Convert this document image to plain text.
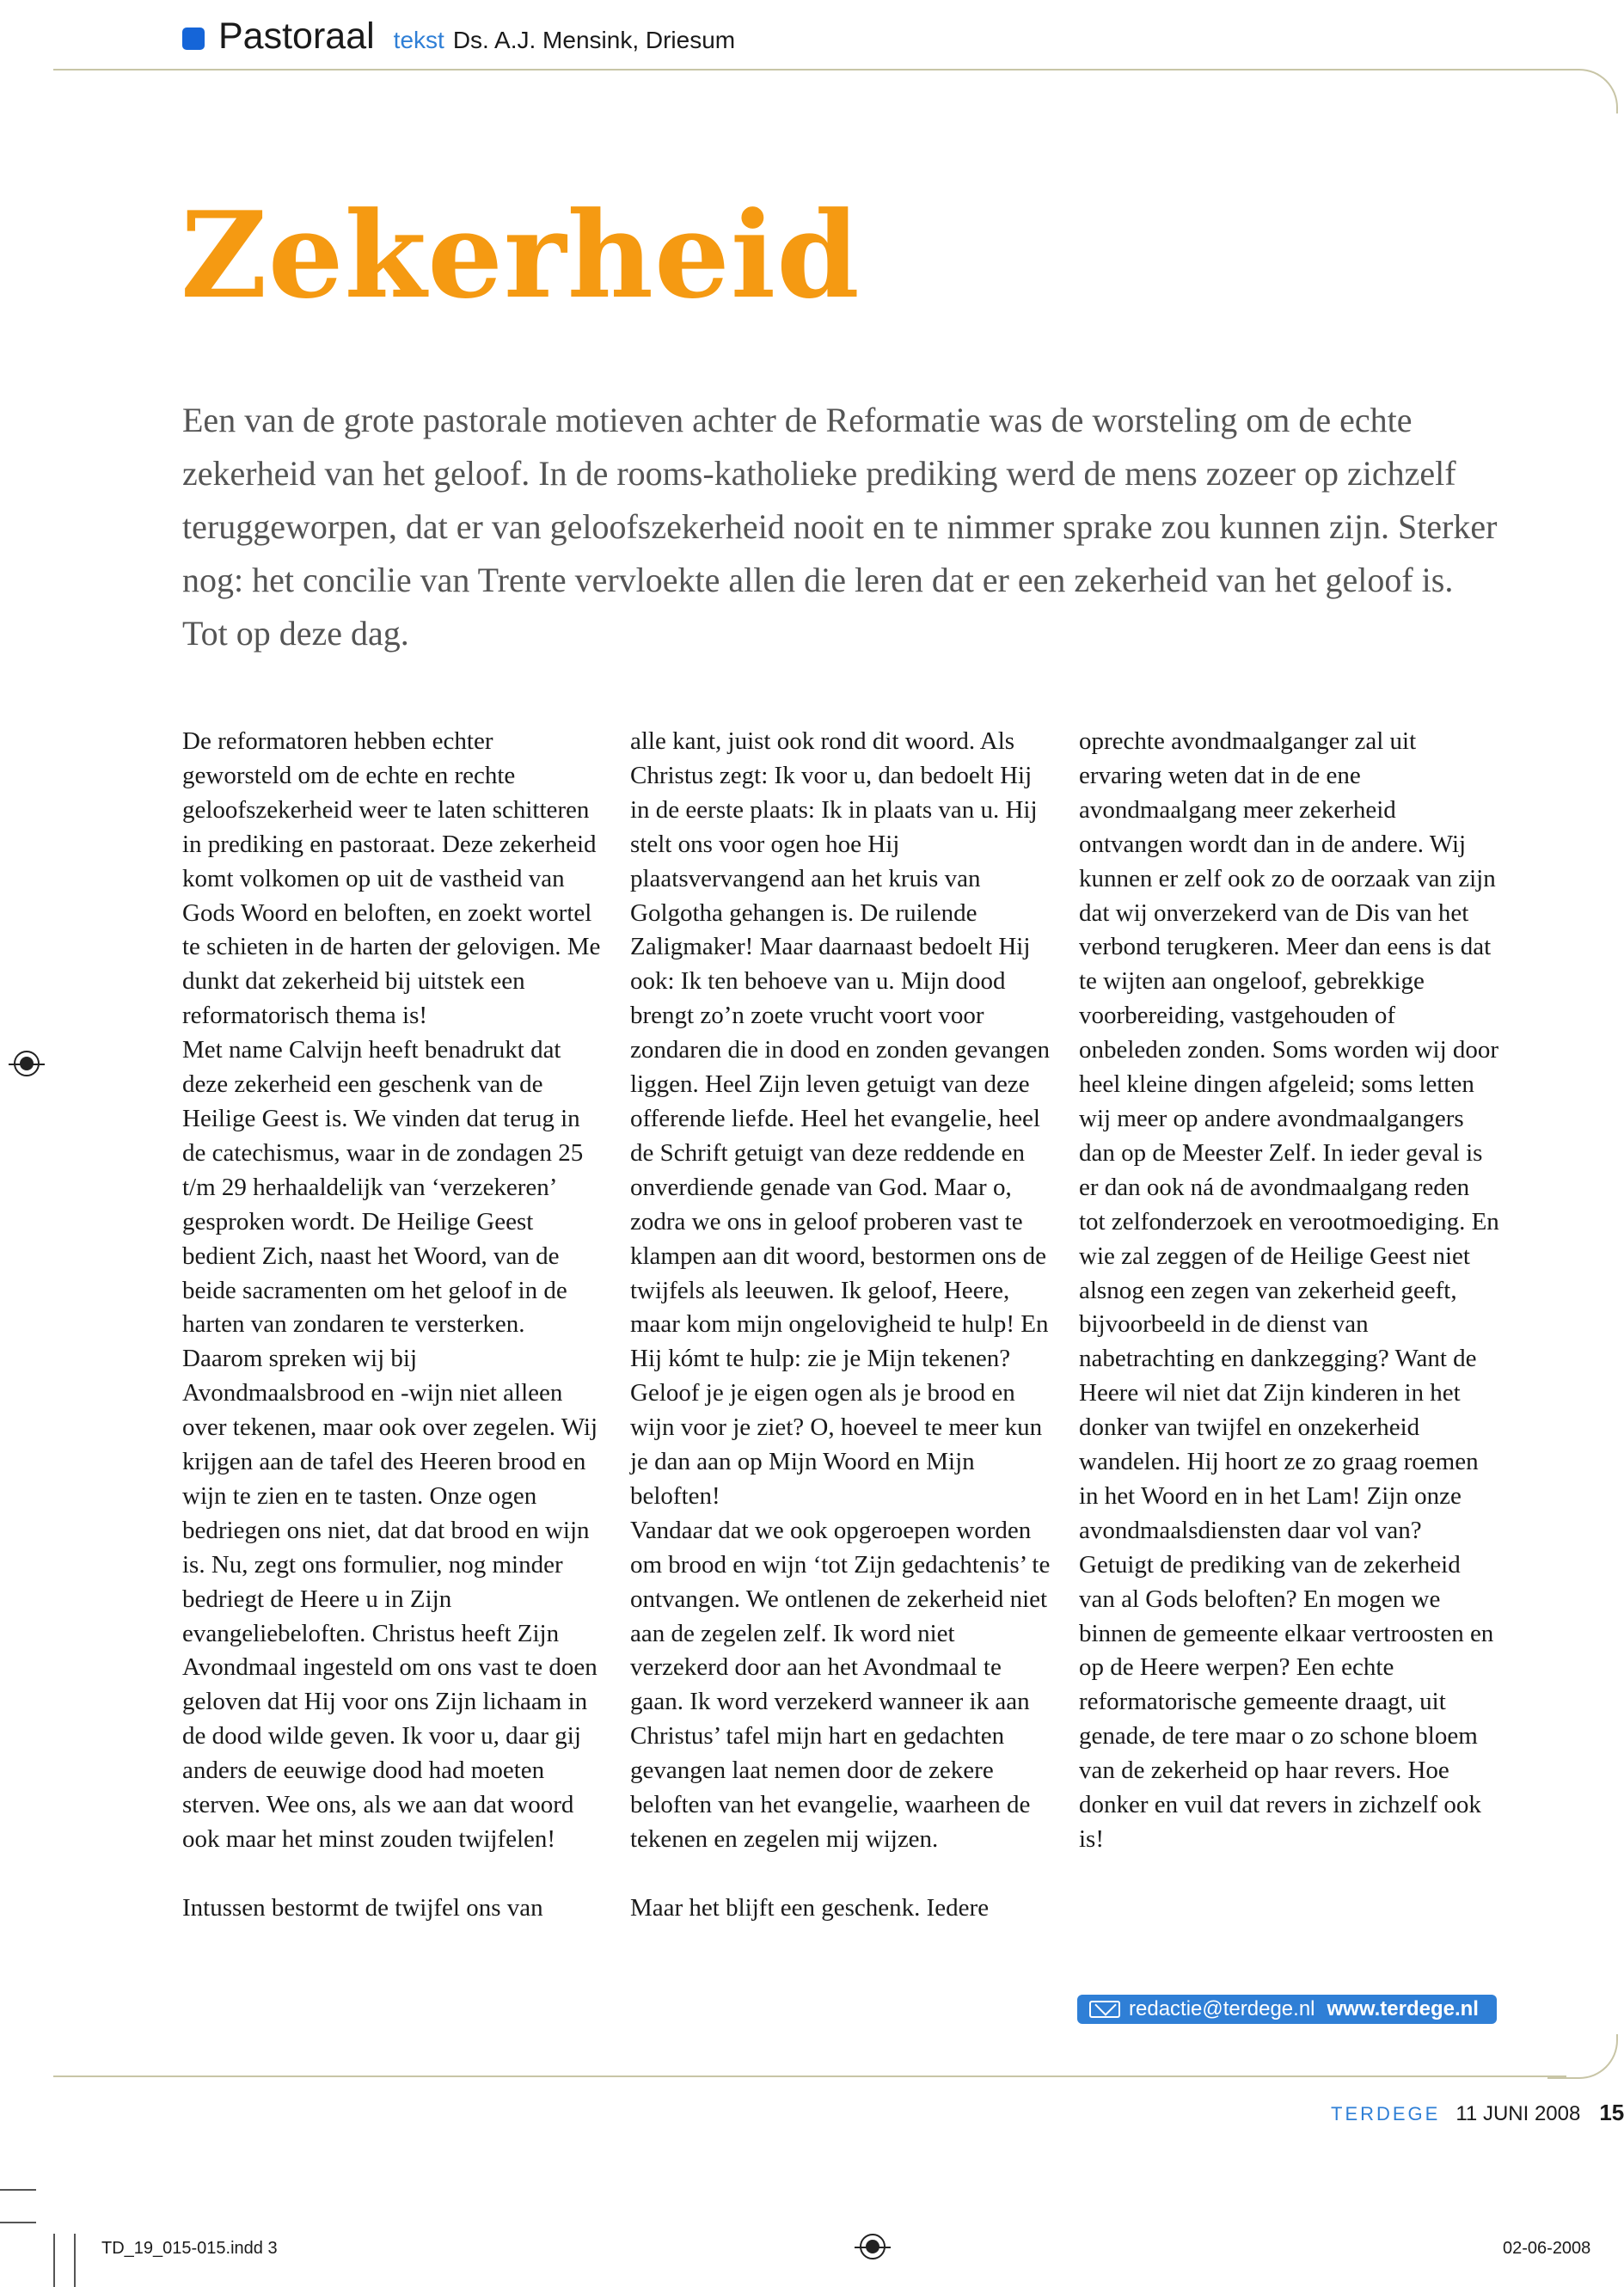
Pastoraal tekst Ds. A.J. Mensink, Driesum
Zekerheid

Een van de grote pastorale motieven achter de Reformatie was de worsteling om de echte zekerheid van het geloof. In de rooms-katholieke prediking werd de mens zozeer op zichzelf teruggeworpen, dat er van geloofszekerheid nooit en te nimmer sprake zou kunnen zijn. Sterker nog: het concilie van Trente vervloekte allen die leren dat er een zekerheid van het geloof is. Tot op deze dag.

De reformatoren hebben echter geworsteld om de echte en rechte geloofszekerheid weer te laten schitteren in prediking en pastoraat. Deze zekerheid komt volkomen op uit de vastheid van Gods Woord en beloften, en zoekt wortel te schieten in de harten der gelovigen. Me dunkt dat zekerheid bij uitstek een reformatorisch thema is!

Met name Calvijn heeft benadrukt dat deze zekerheid een geschenk van de Heilige Geest is. We vinden dat terug in de catechismus, waar in de zondagen 25 t/m 29 herhaaldelijk van ‘verzekeren’ gesproken wordt. De Heilige Geest bedient Zich, naast het Woord, van de beide sacramenten om het geloof in de harten van zondaren te versterken. Daarom spreken wij bij Avondmaalsbrood en -wijn niet alleen over tekenen, maar ook over zegelen. Wij krijgen aan de tafel des Heeren brood en wijn te zien en te tasten. Onze ogen bedriegen ons niet, dat dat brood en wijn is. Nu, zegt ons formulier, nog minder bedriegt de Heere u in Zijn evangeliebeloften. Christus heeft Zijn Avondmaal ingesteld om ons vast te doen geloven dat Hij voor ons Zijn lichaam in de dood wilde geven. Ik voor u, daar gij anders de eeuwige dood had moeten sterven. Wee ons, als we aan dat woord ook maar het minst zouden twijfelen!

Intussen bestormt de twijfel ons van

alle kant, juist ook rond dit woord. Als Christus zegt: Ik voor u, dan bedoelt Hij in de eerste plaats: Ik in plaats van u. Hij stelt ons voor ogen hoe Hij plaatsvervangend aan het kruis van Golgotha gehangen is. De ruilende Zaligmaker! Maar daarnaast bedoelt Hij ook: Ik ten behoeve van u. Mijn dood brengt zo’n zoete vrucht voort voor zondaren die in dood en zonden gevangen liggen. Heel Zijn leven getuigt van deze offerende liefde. Heel het evangelie, heel de Schrift getuigt van deze reddende en onverdiende genade van God. Maar o, zodra we ons in geloof proberen vast te klampen aan dit woord, bestormen ons de twijfels als leeuwen. Ik geloof, Heere, maar kom mijn ongelovigheid te hulp! En Hij kómt te hulp: zie je Mijn tekenen? Geloof je je eigen ogen als je brood en wijn voor je ziet? O, hoeveel te meer kun je dan aan op Mijn Woord en Mijn beloften!

Vandaar dat we ook opgeroepen worden om brood en wijn ‘tot Zijn gedachtenis’ te ontvangen. We ontlenen de zekerheid niet aan de zegelen zelf. Ik word niet verzekerd door aan het Avondmaal te gaan. Ik word verzekerd wanneer ik aan Christus’ tafel mijn hart en gedachten gevangen laat nemen door de zekere beloften van het evangelie, waarheen de tekenen en zegelen mij wijzen.

Maar het blijft een geschenk. Iedere

oprechte avondmaalganger zal uit ervaring weten dat in de ene avondmaalgang meer zekerheid ontvangen wordt dan in de andere. Wij kunnen er zelf ook zo de oorzaak van zijn dat wij onverzekerd van de Dis van het verbond terugkeren. Meer dan eens is dat te wijten aan ongeloof, gebrekkige voorbereiding, vastgehouden of onbeleden zonden. Soms worden wij door heel kleine dingen afgeleid; soms letten wij meer op andere avondmaalgangers dan op de Meester Zelf. In ieder geval is er dan ook ná de avondmaalgang reden tot zelfonderzoek en verootmoediging. En wie zal zeggen of de Heilige Geest niet alsnog een zegen van zekerheid geeft, bijvoorbeeld in de dienst van nabetrachting en dankzegging? Want de Heere wil niet dat Zijn kinderen in het donker van twijfel en onzekerheid wandelen. Hij hoort ze zo graag roemen in het Woord en in het Lam! Zijn onze avondmaalsdiensten daar vol van? Getuigt de prediking van de zekerheid van al Gods beloften? En mogen we binnen de gemeente elkaar vertroosten en op de Heere werpen? Een echte reformatorische gemeente draagt, uit genade, de tere maar o zo schone bloem van de zekerheid op haar revers. Hoe donker en vuil dat revers in zichzelf ook is!

redactie@terdege.nl www.terdege.nl
TERDEGE 11 JUNI 2008 15
TD_19_015-015.indd 3	02-06-2008
